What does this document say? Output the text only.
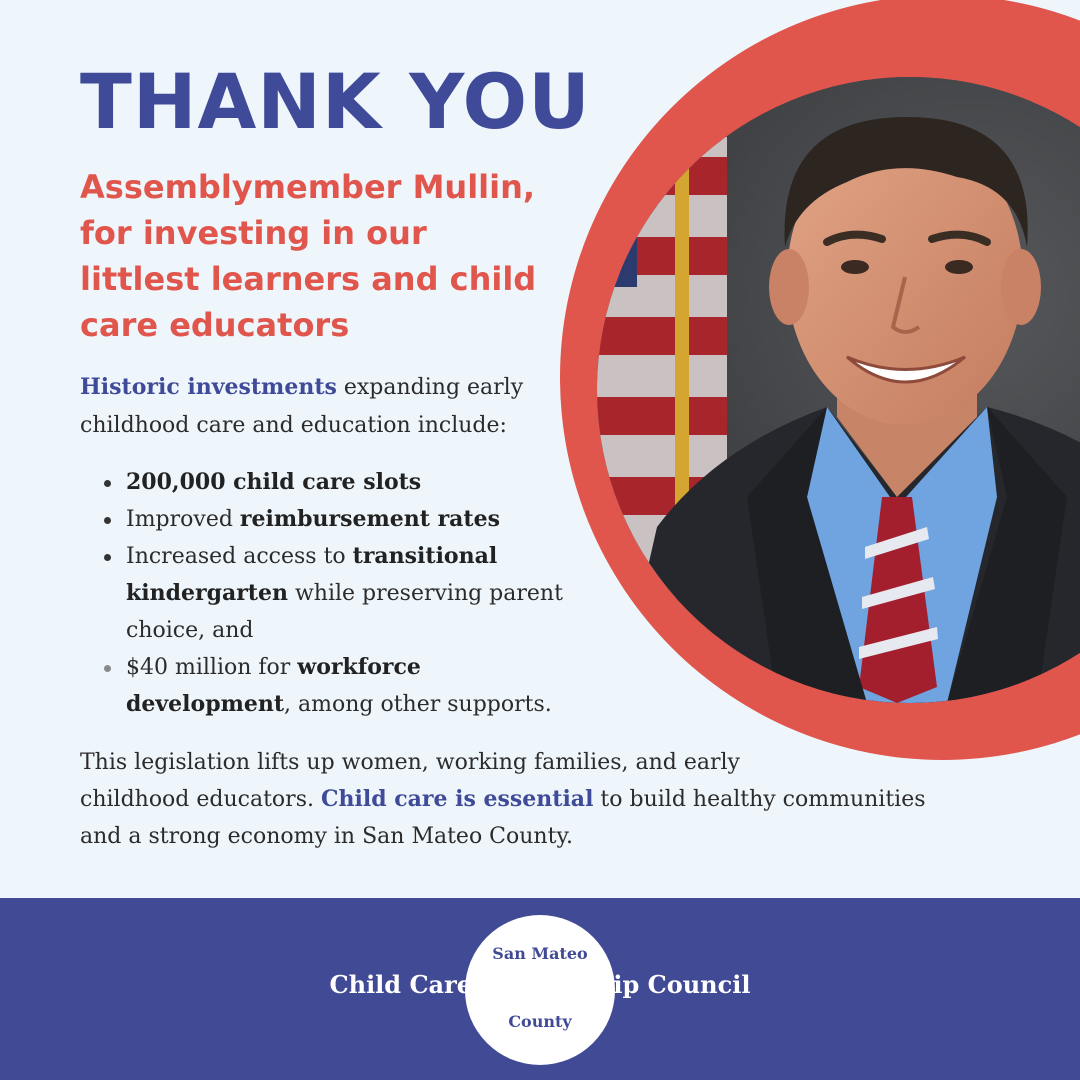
THANK YOU
Assemblymember Mullin,
for investing in our
littlest learners and child
care educators

Historic investments expanding early
childhood care and education include:

200,000 child care slots
Improved reimbursement rates
Increased access to transitional
kindergarten while preserving parent
choice, and
$40 million for workforce
development, among other supports.

This legislation lifts up women, working families, and early
childhood educators. Child care is essential to build healthy communities
and a strong economy in San Mateo County.

San Mateo
Child Care Partnership Council
County
